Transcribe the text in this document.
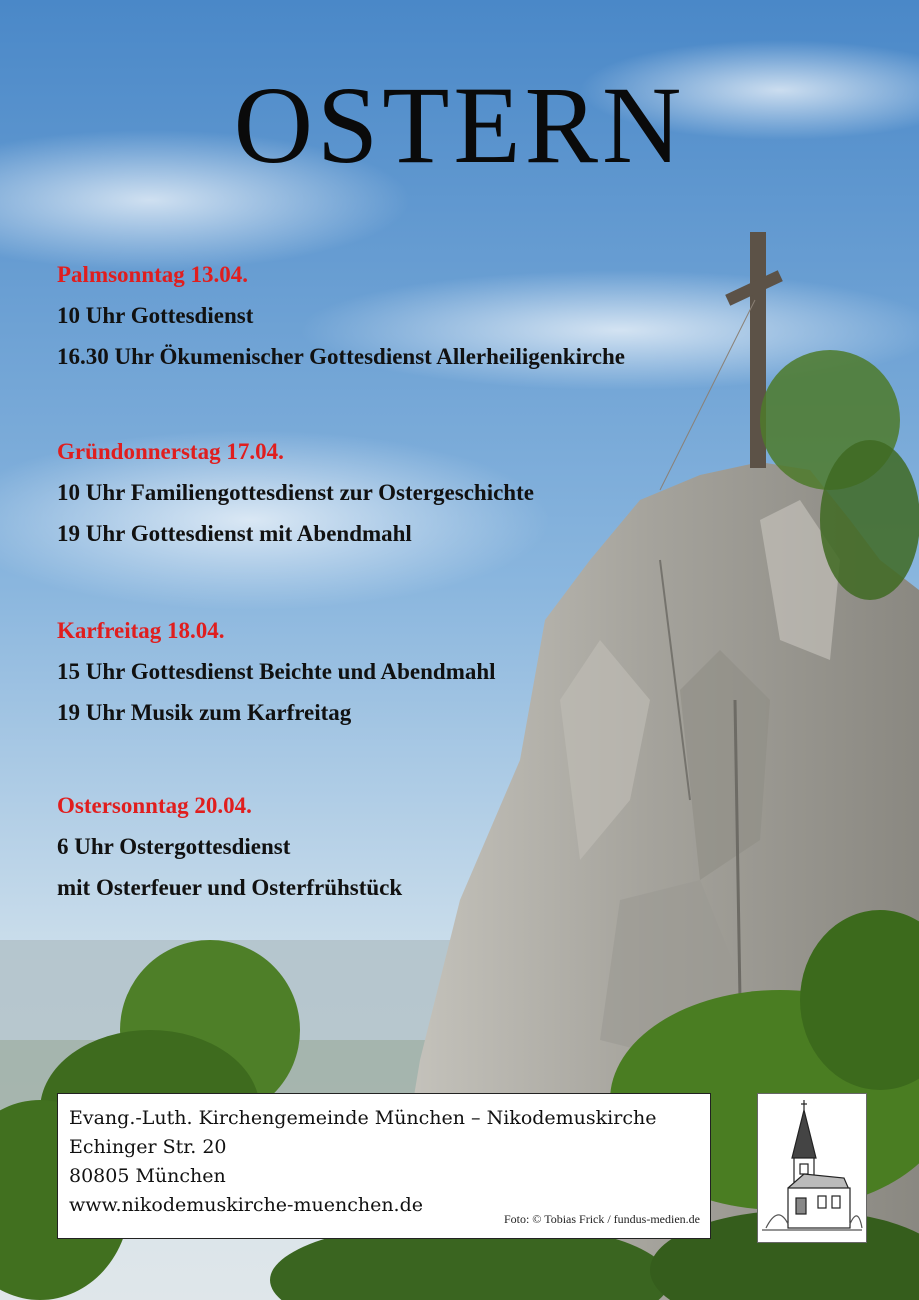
OSTERN
Palmsonntag 13.04.
10 Uhr Gottesdienst
16.30 Uhr Ökumenischer Gottesdienst Allerheiligenkirche
Gründonnerstag 17.04.
10 Uhr Familiengottesdienst zur Ostergeschichte
19 Uhr Gottesdienst mit Abendmahl
Karfreitag 18.04.
15 Uhr Gottesdienst Beichte und Abendmahl
19 Uhr Musik zum Karfreitag
Ostersonntag 20.04.
6 Uhr Ostergottesdienst
mit Osterfeuer und Osterfrühstück
Evang.-Luth. Kirchengemeinde München – Nikodemuskirche
Echinger Str. 20
80805 München
www.nikodemuskirche-muenchen.de
Foto: © Tobias Frick / fundus-medien.de
